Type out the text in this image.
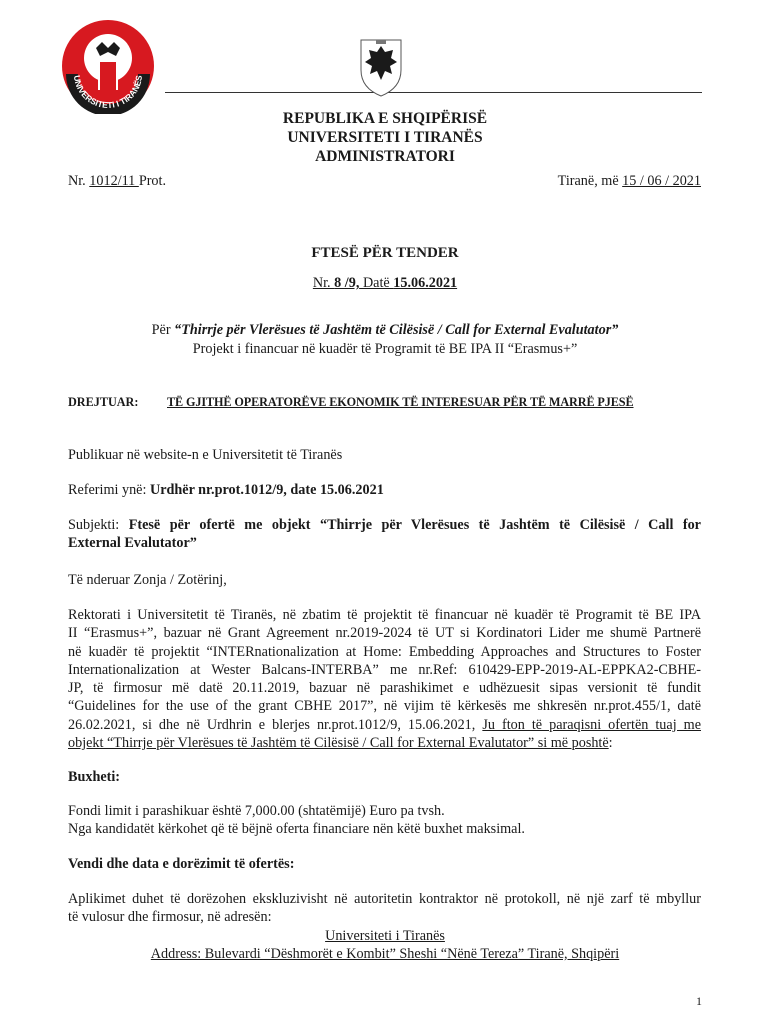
UNIVERSITETI I TIRANËS
REPUBLIKA E SHQIPËRISË
UNIVERSITETI I TIRANËS
ADMINISTRATORI
Nr. 1012/11 Prot.	Tiranë, më 15 / 06 / 2021
FTESË PËR TENDER
Nr. 8 /9, Datë 15.06.2021
Për “Thirrje për Vlerësues të Jashtëm të Cilësisë / Call for External Evalutator”
Projekt i financuar në kuadër të Programit të BE IPA II “Erasmus+”
DREJTUAR: TË GJITHË OPERATORËVE EKONOMIK TË INTERESUAR PËR TË MARRË PJESË
Publikuar në website-n e Universitetit të Tiranës
Referimi ynë: Urdhër nr.prot.1012/9, date 15.06.2021
Subjekti: Ftesë për ofertë me objekt “Thirrje për Vlerësues të Jashtëm të Cilësisë / Call for
External Evalutator”
Të nderuar Zonja / Zotërinj,
Rektorati i Universitetit të Tiranës, në zbatim të projektit të financuar në kuadër të Programit të BE IPA
II “Erasmus+”, bazuar në Grant Agreement nr.2019-2024 të UT si Kordinatori Lider me shumë Partnerë
në kuadër të projektit “INTERnationalization at Home: Embedding Approaches and Structures to Foster
Internationalization at Wester Balcans-INTERBA” me nr.Ref: 610429-EPP-2019-AL-EPPKA2-CBHE-
JP, të firmosur më datë 20.11.2019, bazuar në parashikimet e udhëzuesit sipas versionit të fundit
“Guidelines for the use of the grant CBHE 2017”, në vijim të kërkesës me shkresën nr.prot.455/1, datë
26.02.2021, si dhe në Urdhrin e blerjes nr.prot.1012/9, 15.06.2021, Ju fton të paraqisni ofertën tuaj me
objekt “Thirrje për Vlerësues të Jashtëm të Cilësisë / Call for External Evalutator” si më poshtë:
Buxheti:
Fondi limit i parashikuar është 7,000.00 (shtatëmijë) Euro pa tvsh.
Nga kandidatët kërkohet që të bëjnë oferta financiare nën këtë buxhet maksimal.
Vendi dhe data e dorëzimit të ofertës:
Aplikimet duhet të dorëzohen ekskluzivisht në autoritetin kontraktor në protokoll, në një zarf të mbyllur
të vulosur dhe firmosur, në adresën:
Universiteti i Tiranës
Address: Bulevardi “Dëshmorët e Kombit” Sheshi “Nënë Tereza” Tiranë, Shqipëri
1
